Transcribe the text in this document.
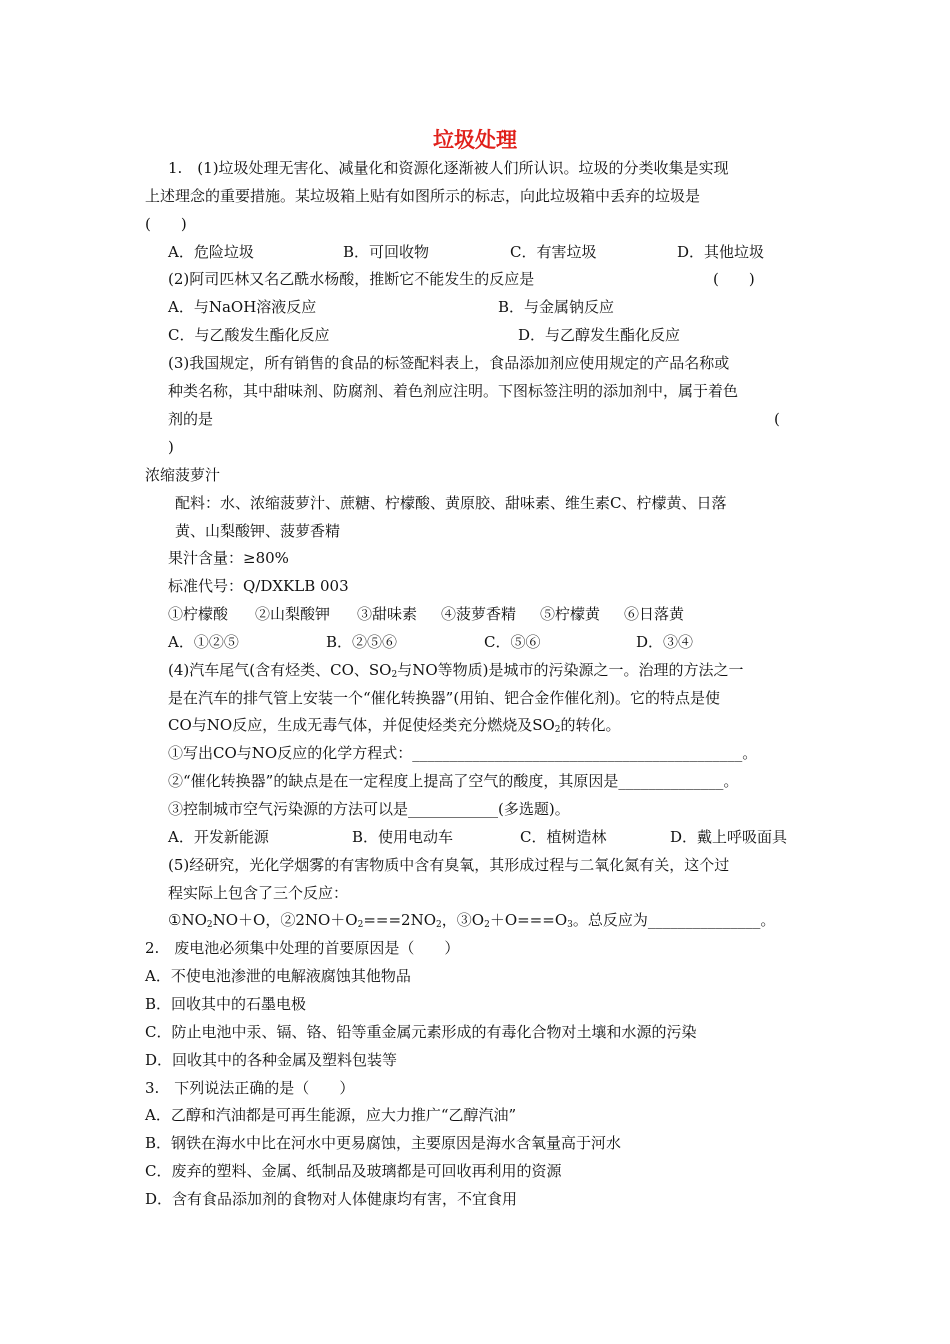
垃圾处理
1.　(1)垃圾处理无害化、减量化和资源化逐渐被人们所认识。垃圾的分类收集是实现
上述理念的重要措施。某垃圾箱上贴有如图所示的标志，向此垃圾箱中丢弃的垃圾是
(　　)
A．危险垃圾	B．可回收物	C．有害垃圾	D．其他垃圾
(2)阿司匹林又名乙酰水杨酸，推断它不能发生的反应是	(　　)
A．与NaOH溶液反应	B．与金属钠反应
C．与乙酸发生酯化反应	D．与乙醇发生酯化反应
(3)我国规定，所有销售的食品的标签配料表上，食品添加剂应使用规定的产品名称或
种类名称，其中甜味剂、防腐剂、着色剂应注明。下图标签注明的添加剂中，属于着色
剂的是	(
)
浓缩菠萝汁
配料：水、浓缩菠萝汁、蔗糖、柠檬酸、黄原胶、甜味素、维生素C、柠檬黄、日落
黄、山梨酸钾、菠萝香精
果汁含量：≥80%
标准代号：Q/DXKLB 003
①柠檬酸 ②山梨酸钾 ③甜味素 ④菠萝香精 ⑤柠檬黄 ⑥日落黄
A．①②⑤	B．②⑤⑥	C．⑤⑥	D．③④
(4)汽车尾气(含有烃类、CO、$SO_2$与NO等物质)是城市的污染源之一。治理的方法之一
是在汽车的排气管上安装一个“催化转换器”(用铂、钯合金作催化剂)。它的特点是使
CO与NO反应，生成无毒气体，并促使烃类充分燃烧及$SO_2$的转化。
①写出CO与NO反应的化学方程式：____________________________________________。
②“催化转换器”的缺点是在一定程度上提高了空气的酸度，其原因是______________。
③控制城市空气污染源的方法可以是____________(多选题)。
A．开发新能源	B．使用电动车	C．植树造林	D．戴上呼吸面具
(5)经研究，光化学烟雾的有害物质中含有臭氧，其形成过程与二氧化氮有关，这个过
程实际上包含了三个反应：
$①NO_2NO+O$，$②2NO+O_2===2NO_2$，$③O_2+O===O_3$。总反应为_______________。
2.　废电池必须集中处理的首要原因是（　　）
A．不使电池渗泄的电解液腐蚀其他物品
B．回收其中的石墨电极
C．防止电池中汞、镉、铬、铅等重金属元素形成的有毒化合物对土壤和水源的污染
D．回收其中的各种金属及塑料包装等
3.　下列说法正确的是（　　）
A．乙醇和汽油都是可再生能源，应大力推广“乙醇汽油”
B．钢铁在海水中比在河水中更易腐蚀，主要原因是海水含氧量高于河水
C．废弃的塑料、金属、纸制品及玻璃都是可回收再利用的资源
D．含有食品添加剂的食物对人体健康均有害，不宜食用
